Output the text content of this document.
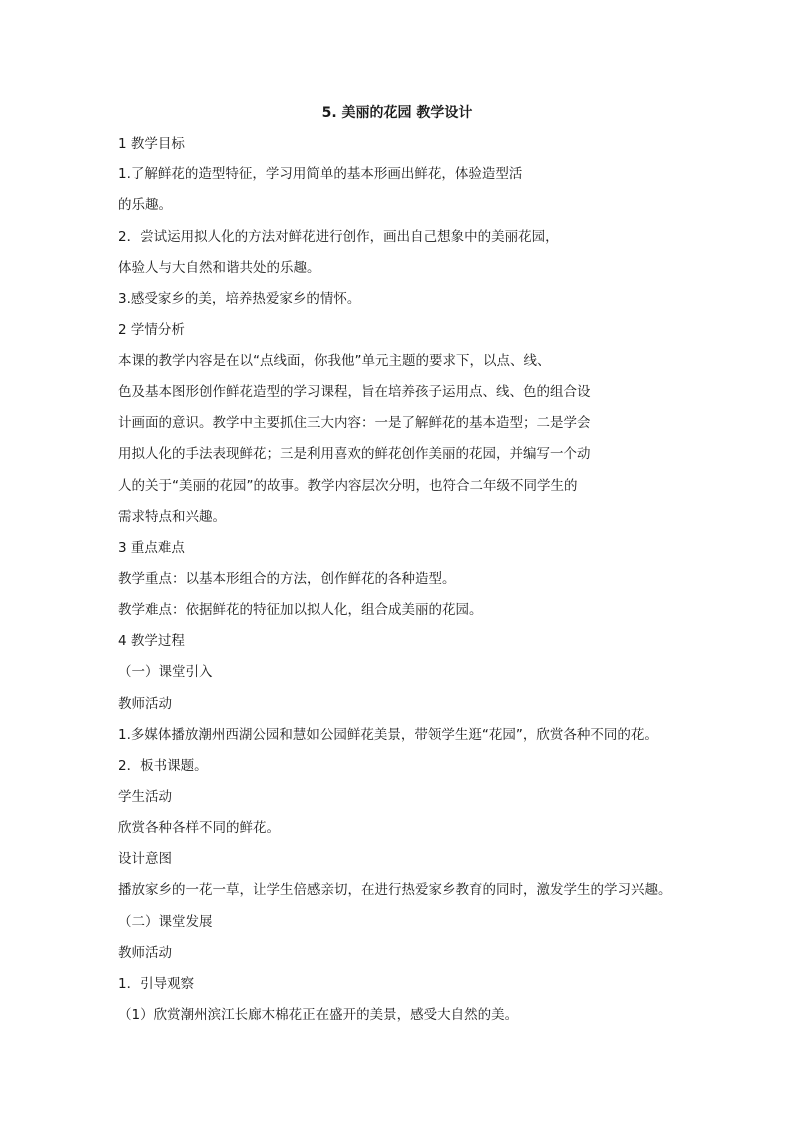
5. 美丽的花园 教学设计
1 教学目标
1.了解鲜花的造型特征，学习用简单的基本形画出鲜花，体验造型活
的乐趣。
2．尝试运用拟人化的方法对鲜花进行创作，画出自己想象中的美丽花园，
体验人与大自然和谐共处的乐趣。
3.感受家乡的美，培养热爱家乡的情怀。
2 学情分析
本课的教学内容是在以“点线面，你我他”单元主题的要求下，以点、线、
色及基本图形创作鲜花造型的学习课程，旨在培养孩子运用点、线、色的组合设
计画面的意识。教学中主要抓住三大内容：一是了解鲜花的基本造型；二是学会
用拟人化的手法表现鲜花；三是利用喜欢的鲜花创作美丽的花园，并编写一个动
人的关于“美丽的花园”的故事。教学内容层次分明，也符合二年级不同学生的
需求特点和兴趣。
3 重点难点
教学重点：以基本形组合的方法，创作鲜花的各种造型。
教学难点：依据鲜花的特征加以拟人化，组合成美丽的花园。
4 教学过程
（一）课堂引入
教师活动
1.多媒体播放潮州西湖公园和慧如公园鲜花美景，带领学生逛“花园”，欣赏各种不同的花。
2．板书课题。
学生活动
欣赏各种各样不同的鲜花。
设计意图
播放家乡的一花一草，让学生倍感亲切，在进行热爱家乡教育的同时，激发学生的学习兴趣。
（二）课堂发展
教师活动
1．引导观察
（1）欣赏潮州滨江长廊木棉花正在盛开的美景，感受大自然的美。
